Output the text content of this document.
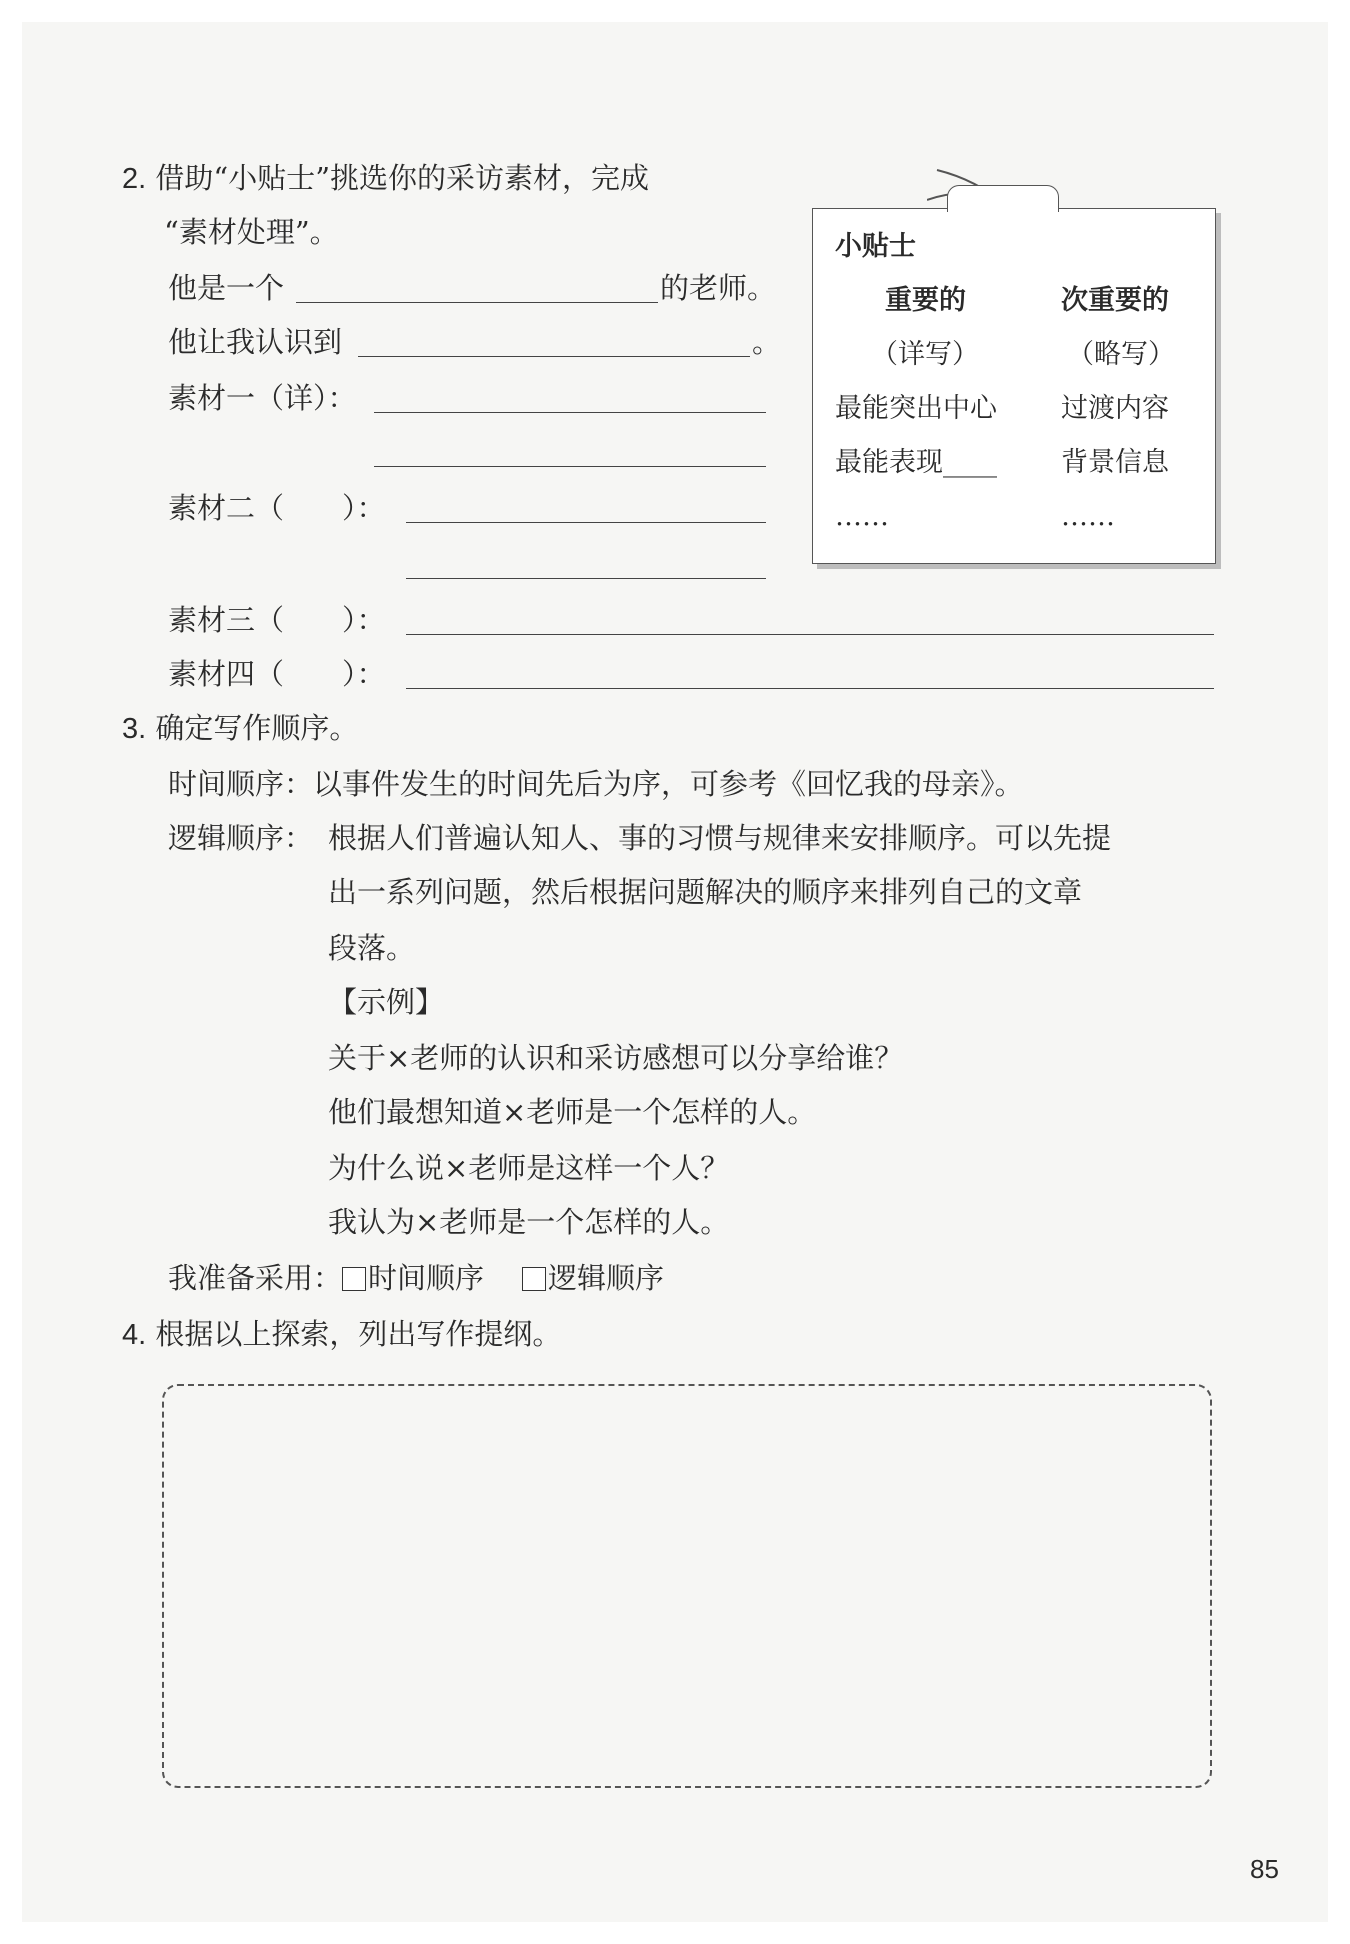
2. 借助“小贴士”挑选你的采访素材，完成
“素材处理”。
他是一个	的老师。
他让我认识到	。
素材一（详）：
素材二（　　）：
素材三（　　）：
素材四（　　）：
小贴士
重要的
（详写）
最能突出中心
最能表现____
……
次重要的
（略写）
过渡内容
背景信息
……
3. 确定写作顺序。
时间顺序：以事件发生的时间先后为序，可参考《回忆我的母亲》。
逻辑顺序： 根据人们普遍认知人、事的习惯与规律来安排顺序。可以先提
出一系列问题，然后根据问题解决的顺序来排列自己的文章
段落。
【示例】
关于×老师的认识和采访感想可以分享给谁？
他们最想知道×老师是一个怎样的人。
为什么说×老师是这样一个人？
我认为×老师是一个怎样的人。
我准备采用： 时间顺序 逻辑顺序
4. 根据以上探索，列出写作提纲。
85
